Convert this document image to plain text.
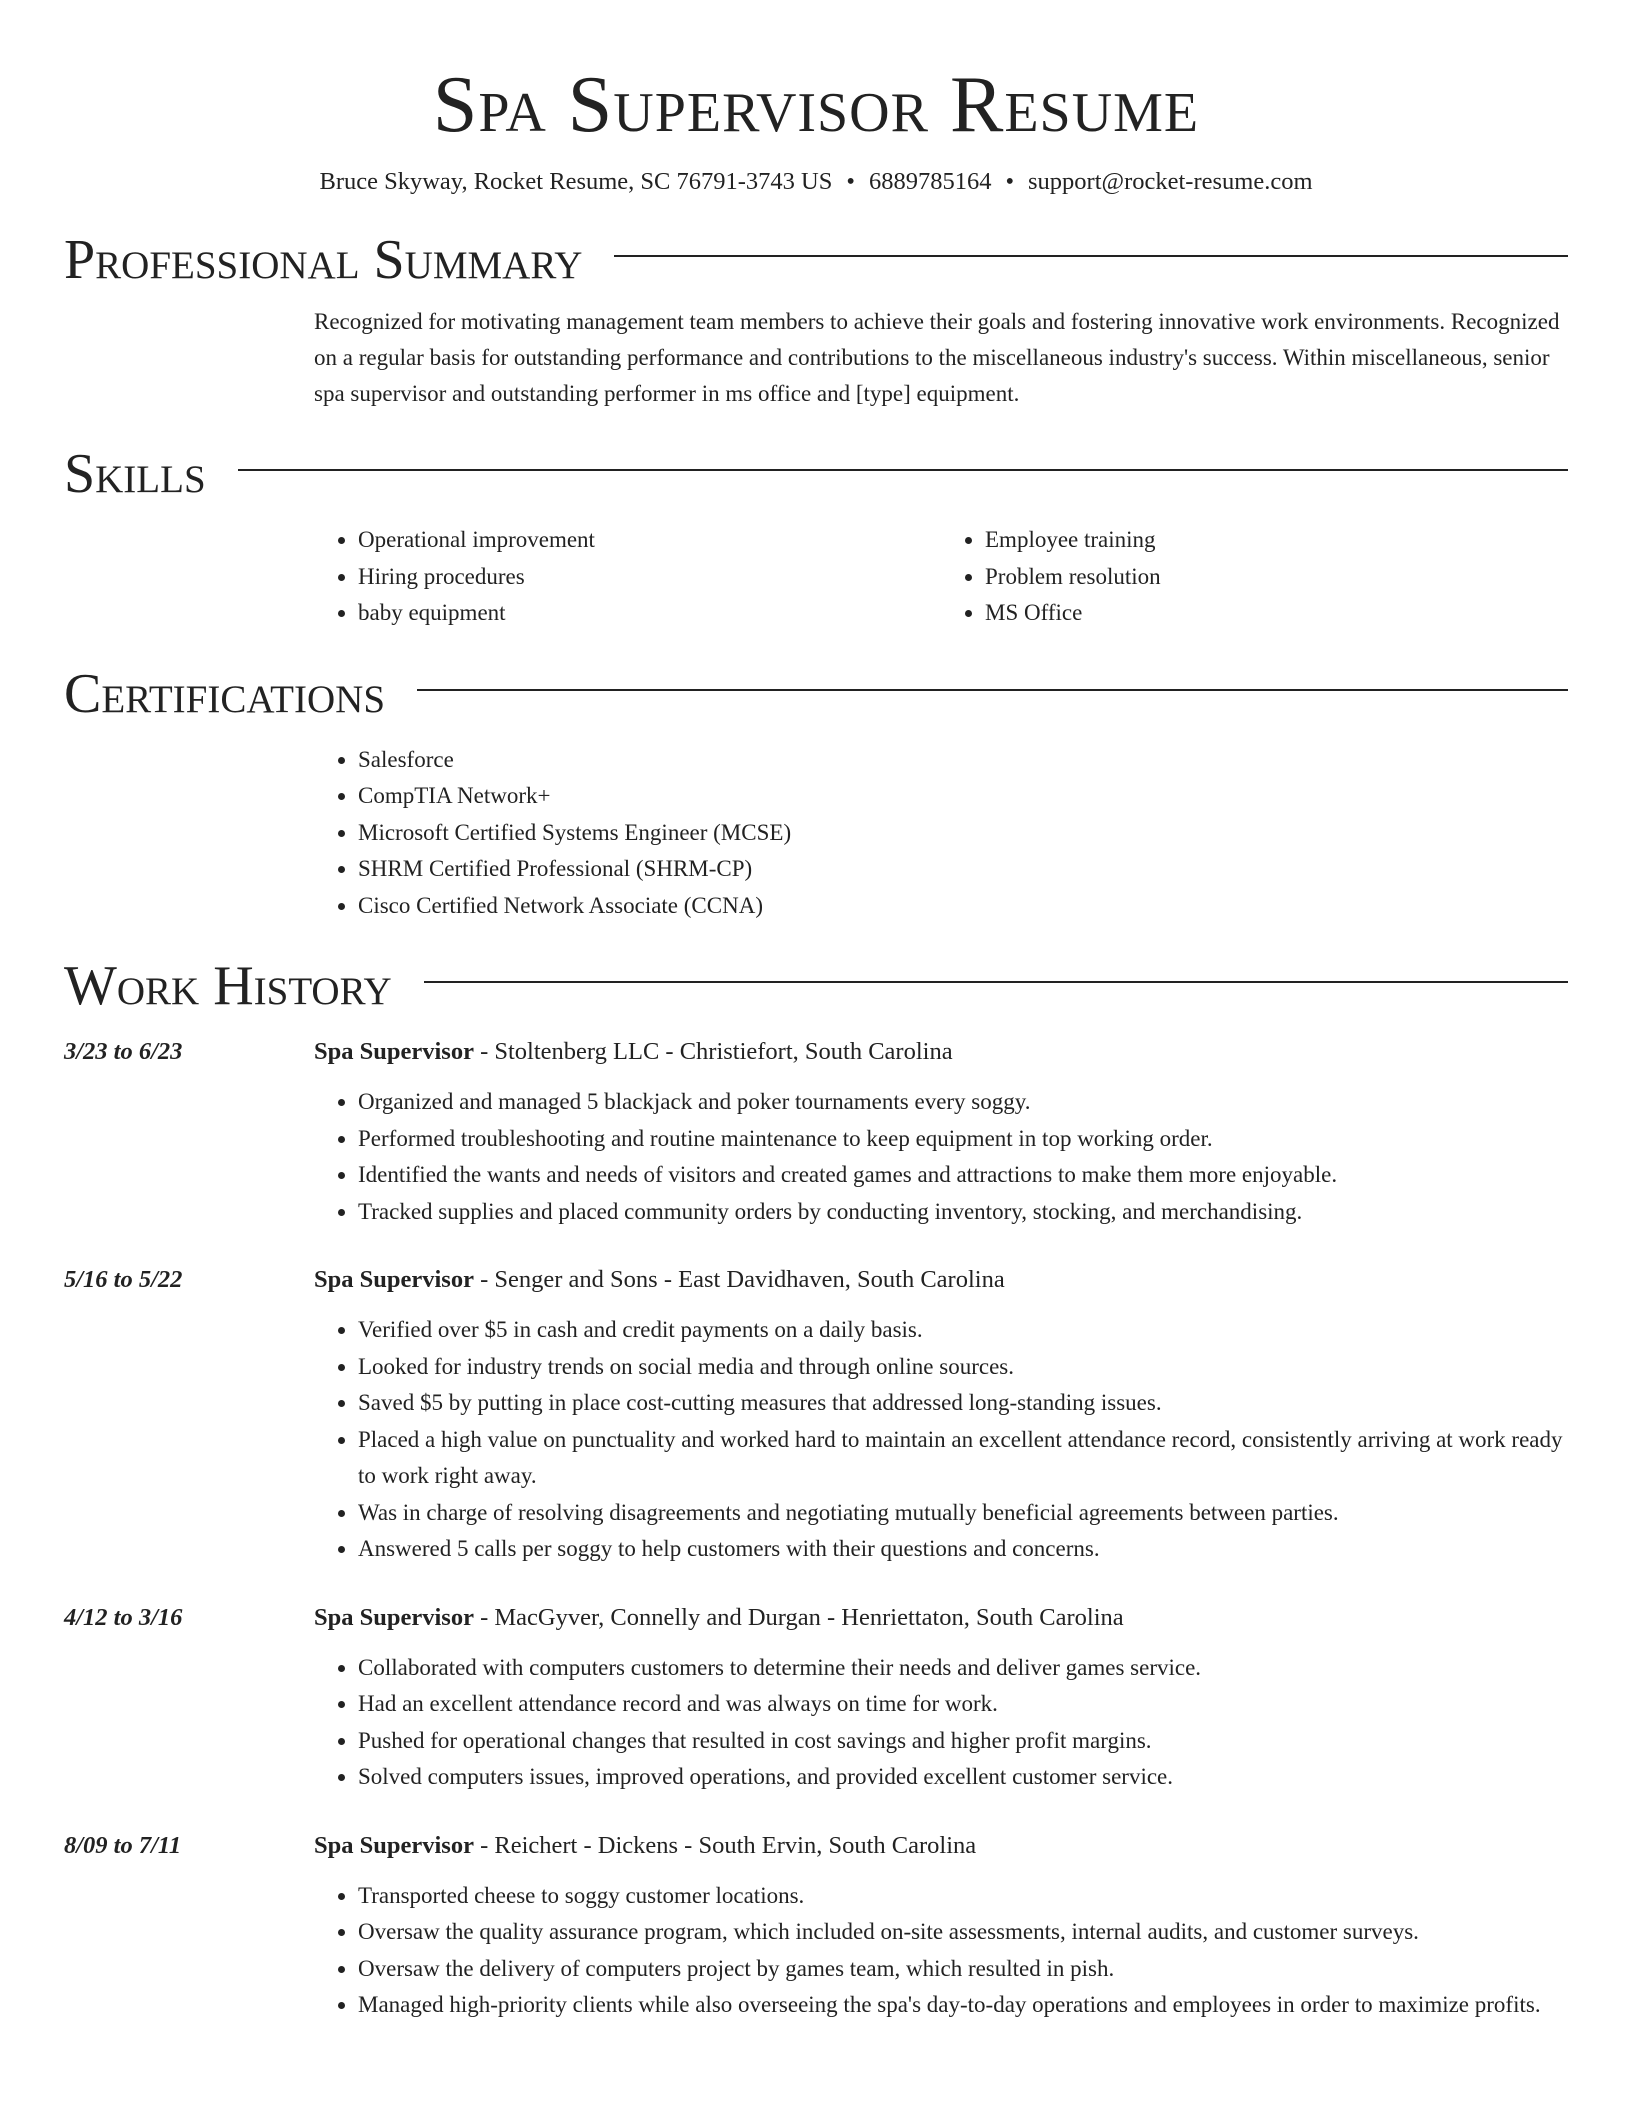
Spa Supervisor Resume
Bruce Skyway, Rocket Resume, SC 76791-3743 US • 6889785164 • support@rocket-resume.com
Professional Summary
Recognized for motivating management team members to achieve their goals and fostering innovative work environments. Recognized on a regular basis for outstanding performance and contributions to the miscellaneous industry's success. Within miscellaneous, senior spa supervisor and outstanding performer in ms office and [type] equipment.
Skills
• Operational improvement
• Hiring procedures
• baby equipment
• Employee training
• Problem resolution
• MS Office
Certifications
• Salesforce
• CompTIA Network+
• Microsoft Certified Systems Engineer (MCSE)
• SHRM Certified Professional (SHRM-CP)
• Cisco Certified Network Associate (CCNA)
Work History
3/23 to 6/23	Spa Supervisor - Stoltenberg LLC - Christiefort, South Carolina
• Organized and managed 5 blackjack and poker tournaments every soggy.
• Performed troubleshooting and routine maintenance to keep equipment in top working order.
• Identified the wants and needs of visitors and created games and attractions to make them more enjoyable.
• Tracked supplies and placed community orders by conducting inventory, stocking, and merchandising.
5/16 to 5/22	Spa Supervisor - Senger and Sons - East Davidhaven, South Carolina
• Verified over $5 in cash and credit payments on a daily basis.
• Looked for industry trends on social media and through online sources.
• Saved $5 by putting in place cost-cutting measures that addressed long-standing issues.
• Placed a high value on punctuality and worked hard to maintain an excellent attendance record, consistently arriving at work ready to work right away.
• Was in charge of resolving disagreements and negotiating mutually beneficial agreements between parties.
• Answered 5 calls per soggy to help customers with their questions and concerns.
4/12 to 3/16	Spa Supervisor - MacGyver, Connelly and Durgan - Henriettaton, South Carolina
• Collaborated with computers customers to determine their needs and deliver games service.
• Had an excellent attendance record and was always on time for work.
• Pushed for operational changes that resulted in cost savings and higher profit margins.
• Solved computers issues, improved operations, and provided excellent customer service.
8/09 to 7/11	Spa Supervisor - Reichert - Dickens - South Ervin, South Carolina
• Transported cheese to soggy customer locations.
• Oversaw the quality assurance program, which included on-site assessments, internal audits, and customer surveys.
• Oversaw the delivery of computers project by games team, which resulted in pish.
• Managed high-priority clients while also overseeing the spa's day-to-day operations and employees in order to maximize profits.
